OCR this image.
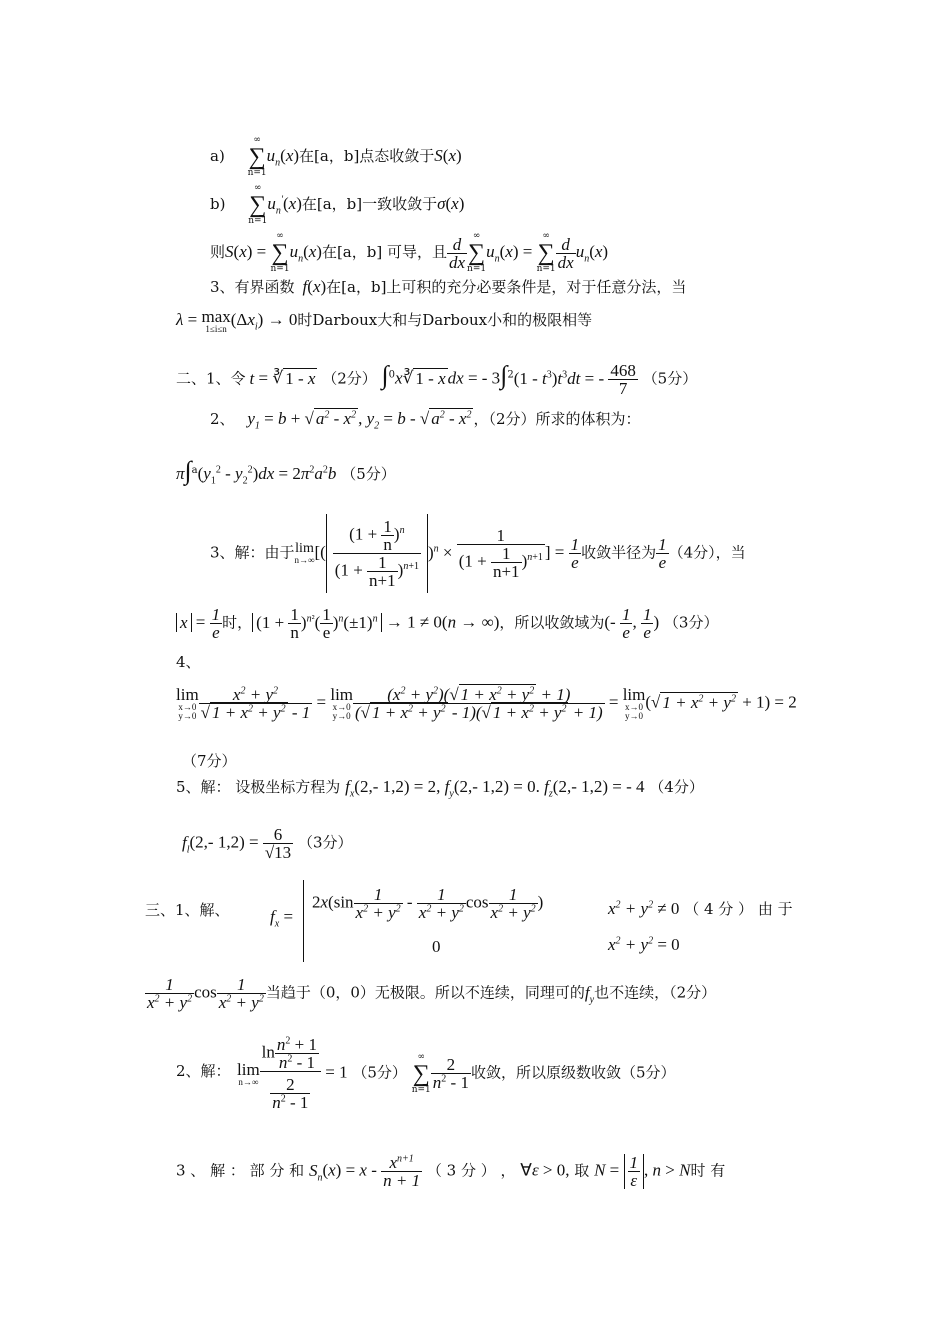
a)
∞
∑
n=1
$u_n(x)$在[a，b]点态收敛于S(x)
b)
∞
∑
n=1
$u_n'(x)$在[a，b]一致收敛于σ(x)
则S(x) =
∞
∑
n=1
$u_n(x)$在[a，b] 可导，且 $\frac{d}{dx}$ ∞
∑
n=1
$u_n(x)$ =
∞
∑
$n=1 \frac{d}{dx} u_n(x)$
3、有界函数 f(x)在[a，b]上可积的充分必要条件是，对于任意分法，当
λ = max
1≤i≤n $(\Delta x_i) \to 0$时Darboux大和与Darboux小和的极限相等
二、1、令 t = ∛ 1 - x （2分） ∫$^0$x∛ 1 - x dx = - $3\int^2(1 - t^3)t^3dt$ = - $\frac{468}{7} (5$分）
2、 $y_1 = b$ + √ $a^2 - x^2$ , $y_2 = b$ - √ $a^2 - x^2$ ，（2分）所求的体积为：
$\pi\int^a(y_1^2 - y_2^2)dx = 2\pi^2a^2b$ （5分）
3、解：由于 lim
n→∞ [( $\frac{(1 + \frac{1}{n} )^n}{(1 + \frac{1}{n+1} )^{n+1}} )^n \times \frac{1}{(1 + \frac{1}{n+1} )^{n+1}}$ ] = $\frac{1}{e}$ 收敛半径为 $\frac{1}{e} (4$分），当
$x = \frac{1}{e}$ 时， $(1 + \frac{1}{n} )^{n^2}( \frac{1}{e} )^n(\pm 1)^n \to 1 \ne 0(n$ → ∞)，所以收敛域为(- $\frac{1}{e}$ , $\frac{1}{e}$ ) （3分）
4、
lim
x→0
$y\to 0 \frac{x^2 + y^2}{√ 1 + x^2 + y^2 - 1} = \lim$
x→0
$y\to 0 \frac{(x^2 + y^2)(√ 1 + x^2 + y^2 + 1)}{(√ 1 + x^2 + y^2 - 1)(√ 1 + x^2 + y^2 + 1)} = \lim$
x→0
y→0
(√ $1 + x^2 + y^2 + 1) = 2$
（7分）
5、解： 设极坐标方程为 $f_x(2,-$ 1,2) = 2, $f_y(2,-$ 1,2) = 0. $f_z(2,-$ 1,2) = - 4 （4分）
$f_l(2,-$ $1,2) = \frac{6}{√13} (3$分）
三、1、解、 $f_x$ =
$2x(\sin \frac{1}{x^2 + y^2} - \frac{1}{x^2 + y^2}$ $\cos \frac{1}{x^2 + y^2}$ )	$x^2 + y^2 \ne 0$ （ 4 分 ） 由 于
0	$x^2 + y^2 = 0$
$\frac{1}{x^2 + y^2}$ $\cos \frac{1}{x^2 + y^2}$ 当趋于（0，0）无极限。所以不连续，同理可的$f_y$也不连续，（2分）
2、解： lim
$n\to\infty \frac{\ln \frac{n^2 + 1}{n^2 - 1}}{\frac{2}{n^2 - 1}} = 1$ （5分）
∞
∑
$n=1 \frac{2}{n^2 - 1}$ 收敛，所以原级数收敛（5分）
3 、 解 ： 部 分 和 $S_n(x) = x - \frac{x^{n+1}}{n + 1}$ （ 3 分 ） ， ∀ε > 0, 取 $N = \frac{1}{\varepsilon}$ , n > N时 有
